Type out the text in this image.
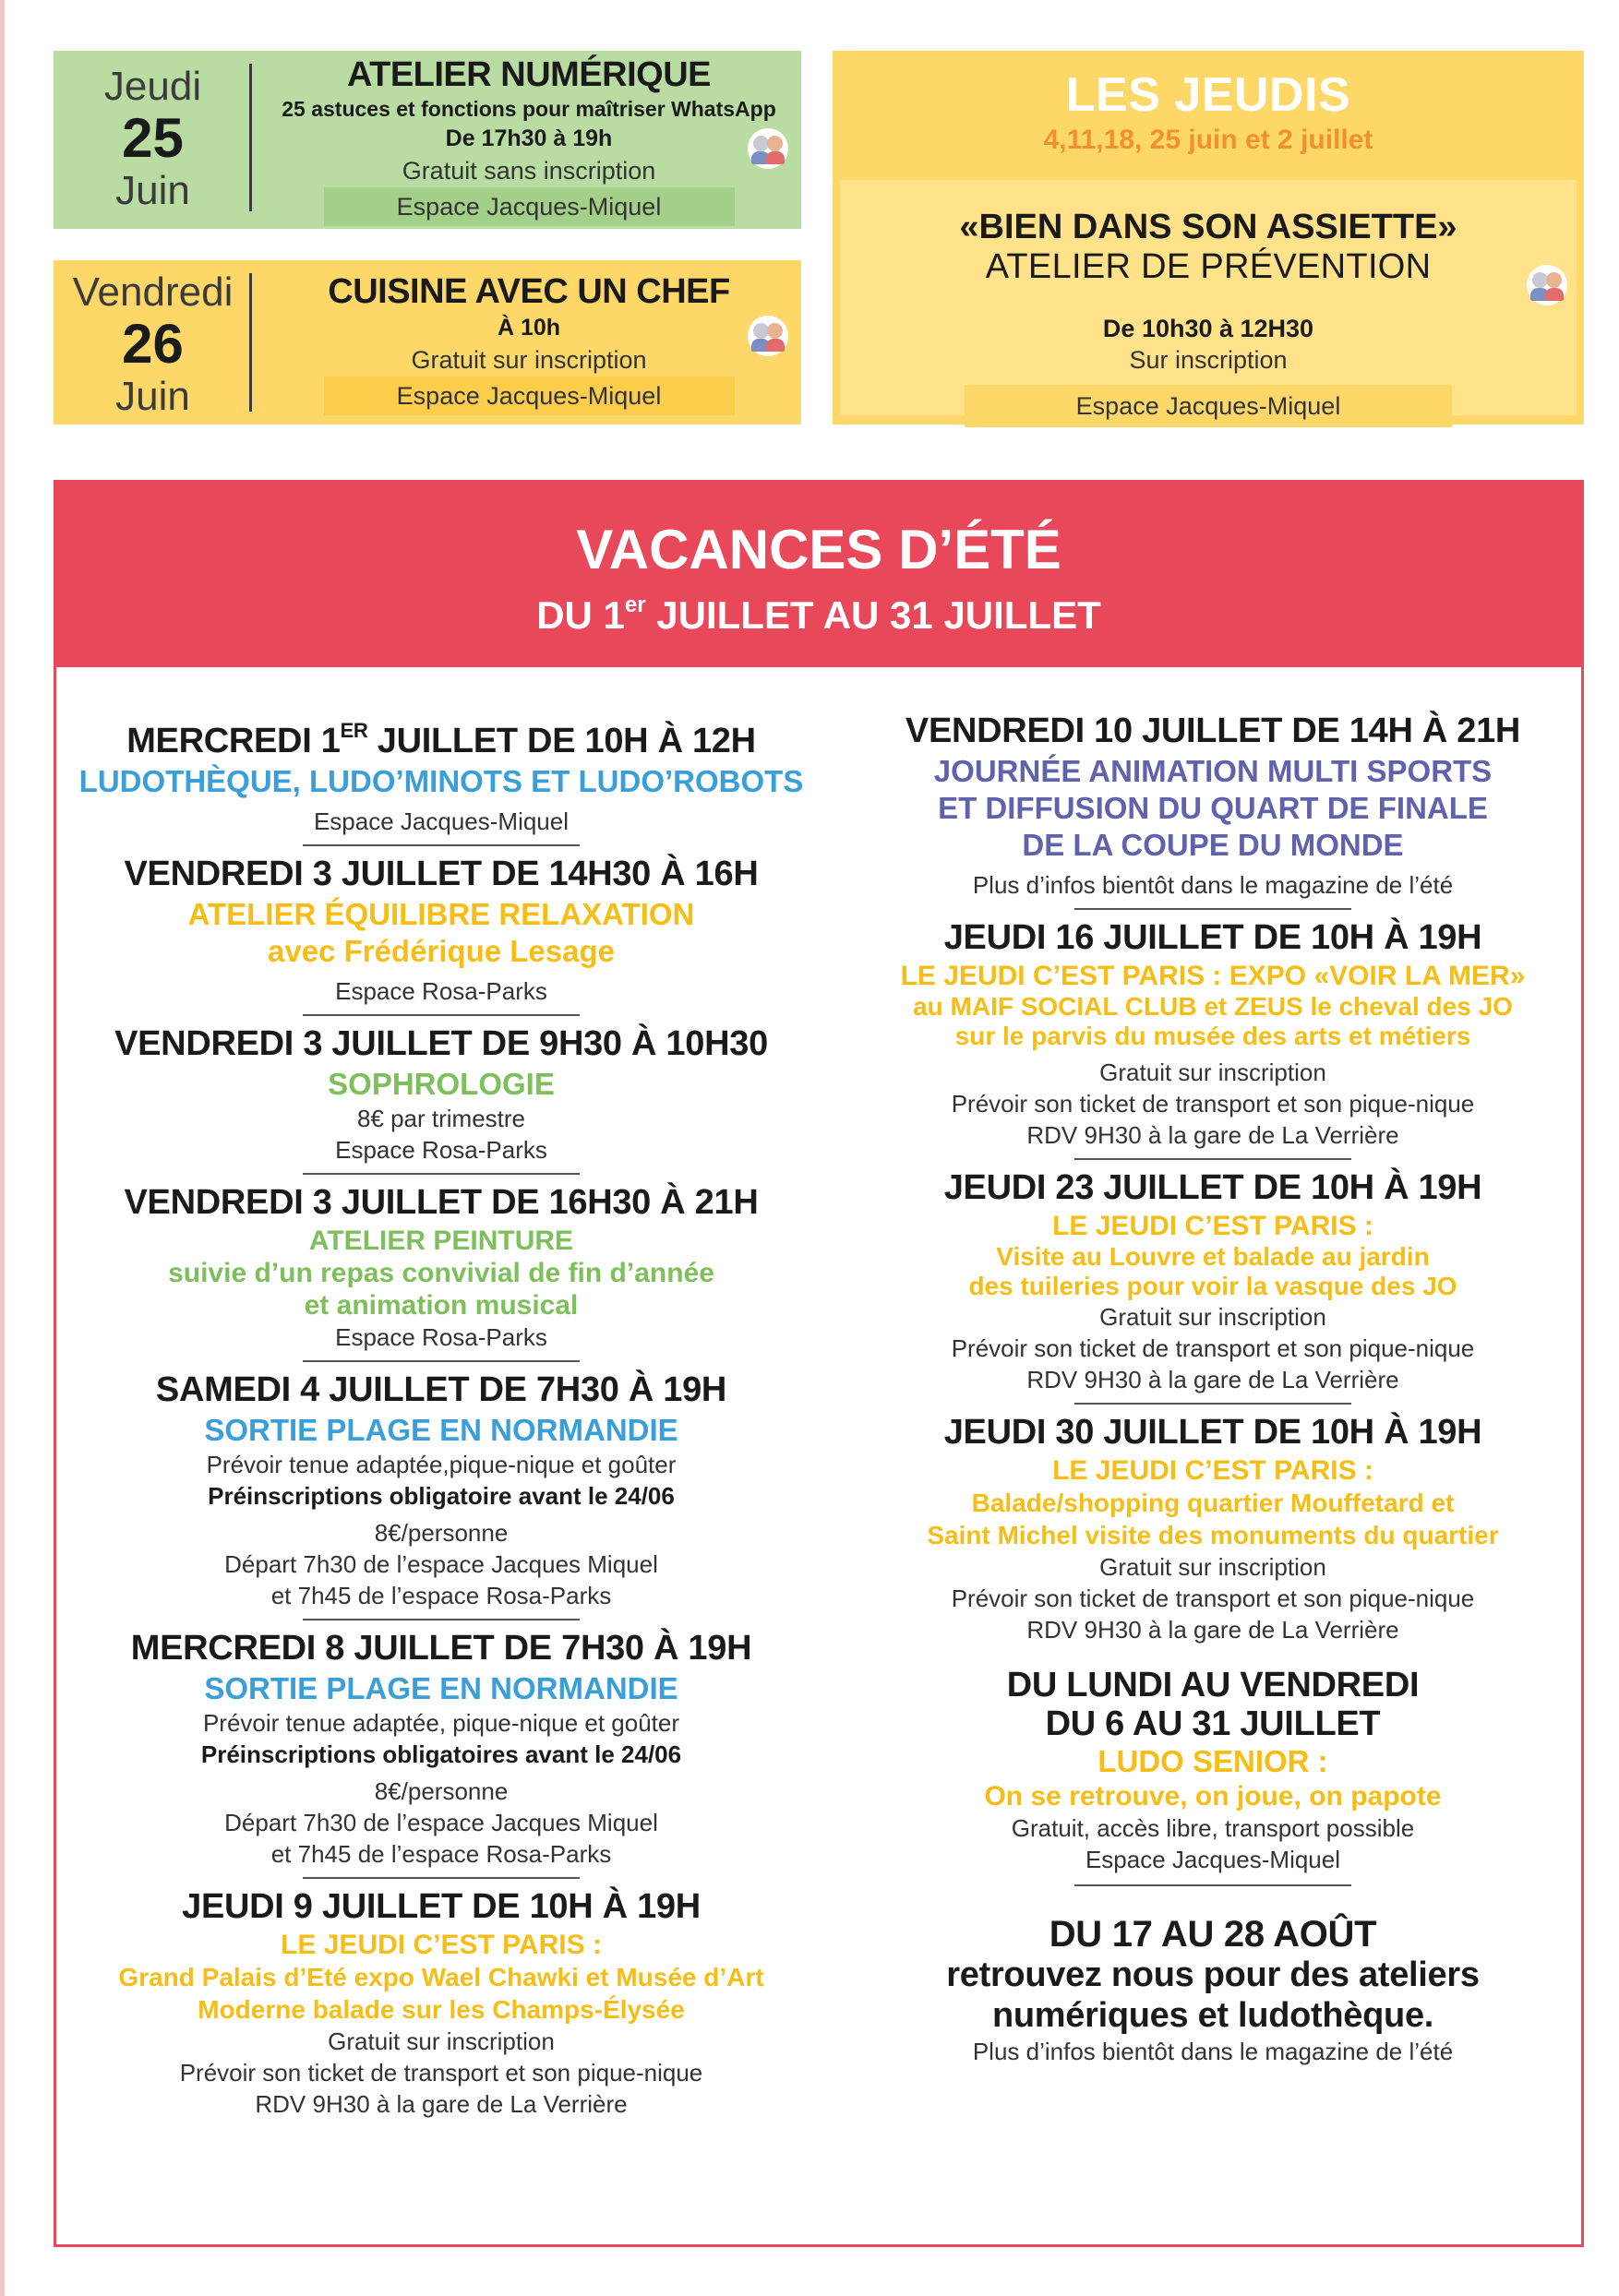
Jeudi
25
Juin
ATELIER NUMÉRIQUE
25 astuces et fonctions pour maîtriser WhatsApp
De 17h30 à 19h
Gratuit sans inscription
Espace Jacques-Miquel
Vendredi
26
Juin
CUISINE AVEC UN CHEF
À 10h
Gratuit sur inscription
Espace Jacques-Miquel
LES JEUDIS
4,11,18, 25 juin et 2 juillet
«BIEN DANS SON ASSIETTE»
ATELIER DE PRÉVENTION
De 10h30 à 12H30
Sur inscription
Espace Jacques-Miquel
VACANCES D’ÉTÉ
DU 1er JUILLET AU 31 JUILLET
MERCREDI 1ER JUILLET DE 10H À 12H
LUDOTHÈQUE, LUDO’MINOTS ET LUDO’ROBOTS
Espace Jacques-Miquel
VENDREDI 3 JUILLET DE 14H30 À 16H
ATELIER ÉQUILIBRE RELAXATION
avec Frédérique Lesage
Espace Rosa-Parks
VENDREDI 3 JUILLET DE 9H30 À 10H30
SOPHROLOGIE
8€ par trimestre
Espace Rosa-Parks
VENDREDI 3 JUILLET DE 16H30 À 21H
ATELIER PEINTURE
suivie d’un repas convivial de fin d’année
et animation musical
Espace Rosa-Parks
SAMEDI 4 JUILLET DE 7H30 À 19H
SORTIE PLAGE EN NORMANDIE
Prévoir tenue adaptée,pique-nique et goûter
Préinscriptions obligatoire avant le 24/06
8€/personne
Départ 7h30 de l’espace Jacques Miquel
et 7h45 de l’espace Rosa-Parks
MERCREDI 8 JUILLET DE 7H30 À 19H
SORTIE PLAGE EN NORMANDIE
Prévoir tenue adaptée, pique-nique et goûter
Préinscriptions obligatoires avant le 24/06
8€/personne
Départ 7h30 de l’espace Jacques Miquel
et 7h45 de l’espace Rosa-Parks
JEUDI 9 JUILLET DE 10H À 19H
LE JEUDI C’EST PARIS :
Grand Palais d’Eté expo Wael Chawki et Musée d’Art
Moderne balade sur les Champs-Élysée
Gratuit sur inscription
Prévoir son ticket de transport et son pique-nique
RDV 9H30 à la gare de La Verrière
VENDREDI 10 JUILLET DE 14H À 21H
JOURNÉE ANIMATION MULTI SPORTS
ET DIFFUSION DU QUART DE FINALE
DE LA COUPE DU MONDE
Plus d’infos bientôt dans le magazine de l’été
JEUDI 16 JUILLET DE 10H À 19H
LE JEUDI C’EST PARIS : EXPO «VOIR LA MER»
au MAIF SOCIAL CLUB et ZEUS le cheval des JO
sur le parvis du musée des arts et métiers
Gratuit sur inscription
Prévoir son ticket de transport et son pique-nique
RDV 9H30 à la gare de La Verrière
JEUDI 23 JUILLET DE 10H À 19H
LE JEUDI C’EST PARIS :
Visite au Louvre et balade au jardin
des tuileries pour voir la vasque des JO
Gratuit sur inscription
Prévoir son ticket de transport et son pique-nique
RDV 9H30 à la gare de La Verrière
JEUDI 30 JUILLET DE 10H À 19H
LE JEUDI C’EST PARIS :
Balade/shopping quartier Mouffetard et
Saint Michel visite des monuments du quartier
Gratuit sur inscription
Prévoir son ticket de transport et son pique-nique
RDV 9H30 à la gare de La Verrière
DU LUNDI AU VENDREDI
DU 6 AU 31 JUILLET
LUDO SENIOR :
On se retrouve, on joue, on papote
Gratuit, accès libre, transport possible
Espace Jacques-Miquel
DU 17 AU 28 AOÛT
retrouvez nous pour des ateliers
numériques et ludothèque.
Plus d’infos bientôt dans le magazine de l’été
